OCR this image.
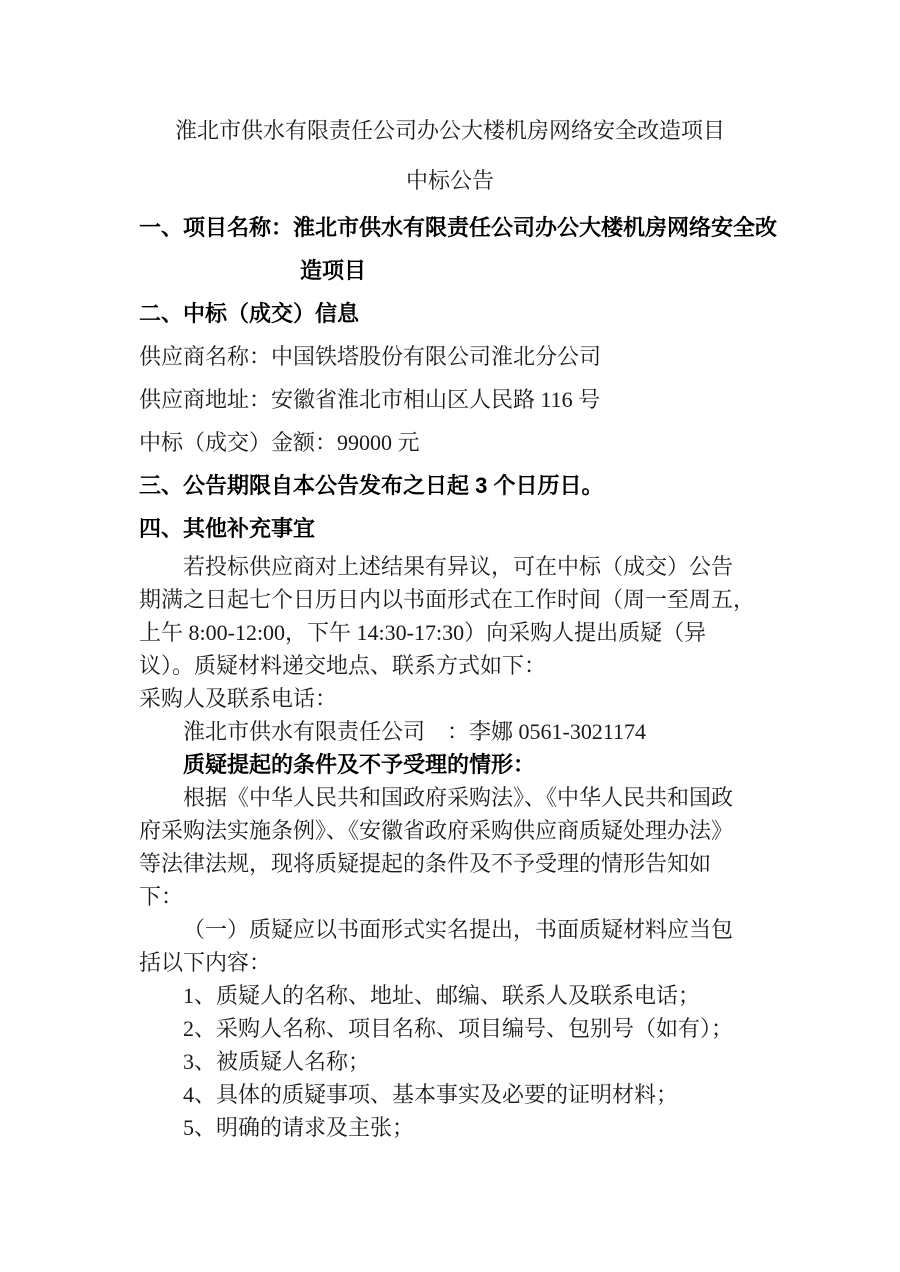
淮北市供水有限责任公司办公大楼机房网络安全改造项目
中标公告
一、项目名称：淮北市供水有限责任公司办公大楼机房网络安全改
造项目
二、中标（成交）信息
供应商名称：中国铁塔股份有限公司淮北分公司
供应商地址：安徽省淮北市相山区人民路 116 号
中标（成交）金额：99000 元
三、公告期限自本公告发布之日起 3 个日历日。
四、其他补充事宜
若投标供应商对上述结果有异议，可在中标（成交）公告
期满之日起七个日历日内以书面形式在工作时间（周一至周五，
上午 8:00-12:00，下午 14:30-17:30）向采购人提出质疑（异
议）。质疑材料递交地点、联系方式如下：
采购人及联系电话：
淮北市供水有限责任公司　：李娜 0561-3021174
质疑提起的条件及不予受理的情形：
根据《中华人民共和国政府采购法》、《中华人民共和国政
府采购法实施条例》、《安徽省政府采购供应商质疑处理办法》
等法律法规，现将质疑提起的条件及不予受理的情形告知如
下：
（一）质疑应以书面形式实名提出，书面质疑材料应当包
括以下内容：
1、质疑人的名称、地址、邮编、联系人及联系电话；
2、采购人名称、项目名称、项目编号、包别号（如有）；
3、被质疑人名称；
4、具体的质疑事项、基本事实及必要的证明材料；
5、明确的请求及主张；
